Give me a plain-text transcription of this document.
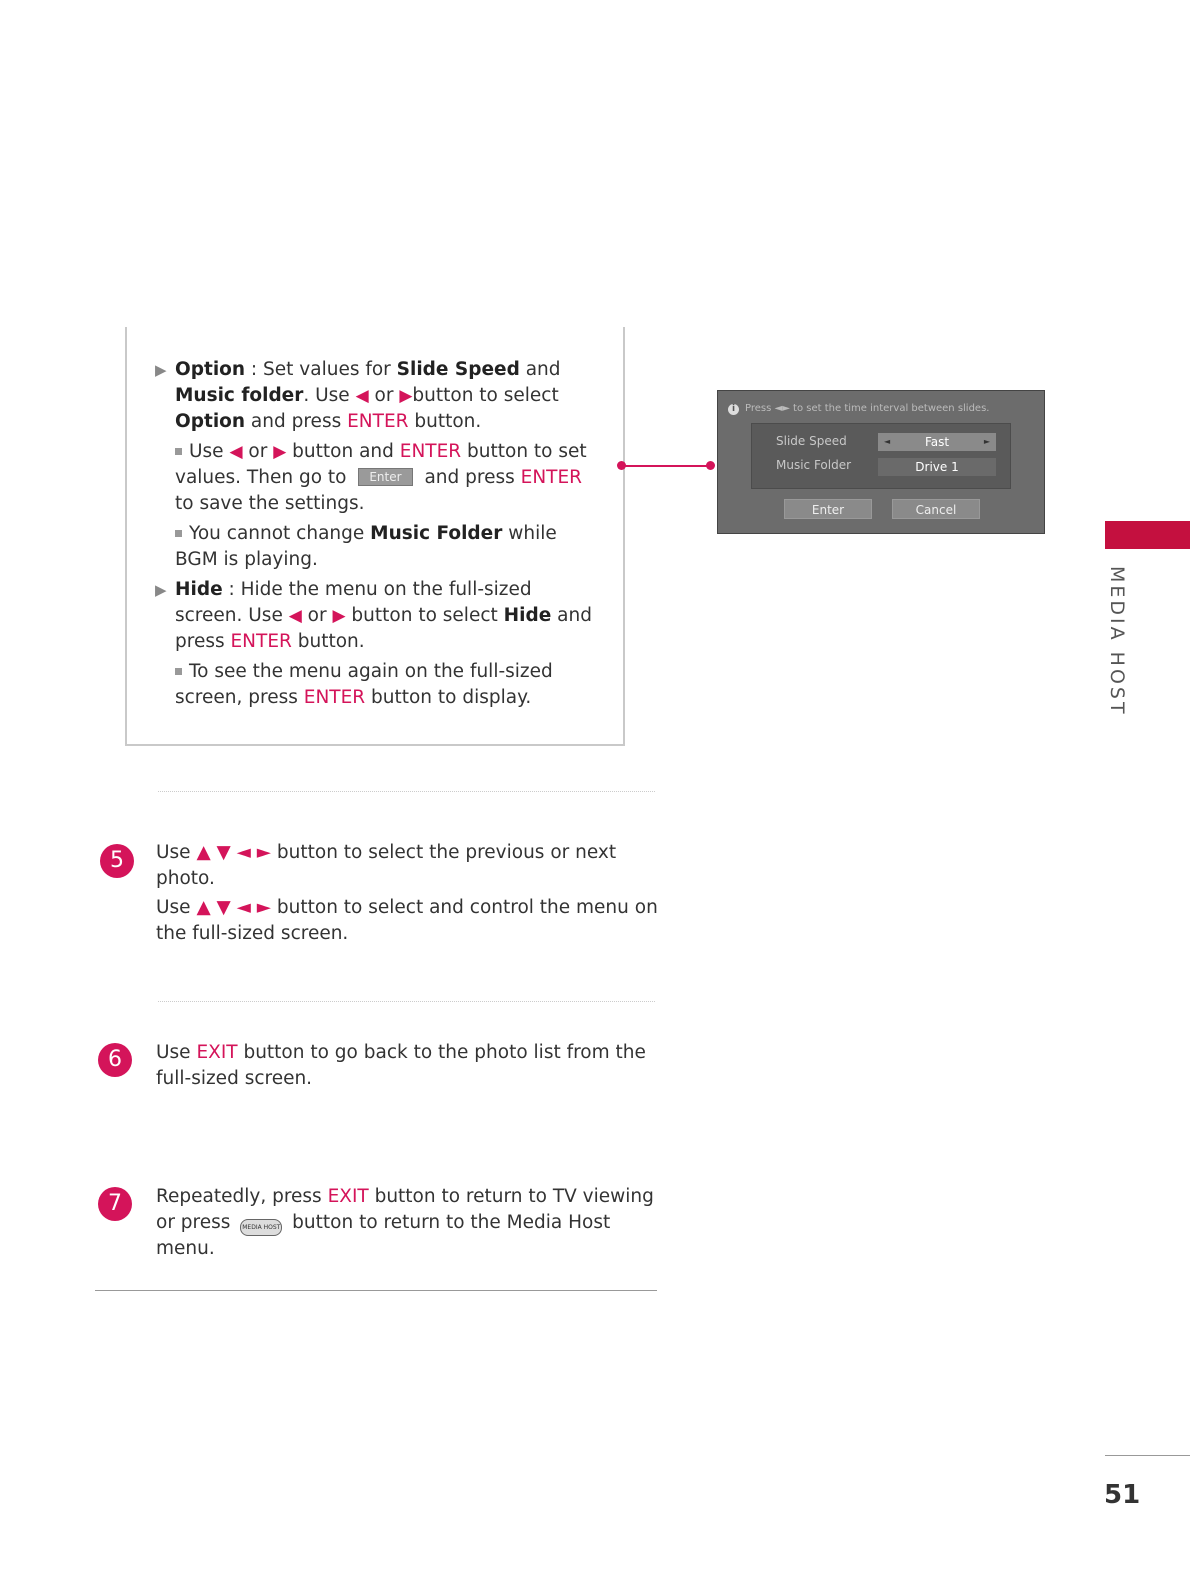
▶ Option : Set values for Slide Speed and Music folder. Use ◀ or ▶button to select Option and press ENTER button.
Use ◀ or ▶ button and ENTER button to set values. Then go to Enter and press ENTER to save the settings.
You cannot change Music Folder while BGM is playing.
▶ Hide : Hide the menu on the full-sized screen. Use ◀ or ▶ button to select Hide and press ENTER button.
To see the menu again on the full-sized screen, press ENTER button to display.
i Press ◄► to set the time interval between slides.
Slide Speed	◄	Fast	►
Music Folder	Drive 1
Enter	Cancel
5	Use ▲ ▼ ◄ ► button to select the previous or next photo.
Use ▲ ▼ ◄ ► button to select and control the menu on the full-sized screen.
6	Use EXIT button to go back to the photo list from the full-sized screen.
7	Repeatedly, press EXIT button to return to TV viewing or press MEDIA HOST button to return to the Media Host menu.
MEDIA HOST
51
